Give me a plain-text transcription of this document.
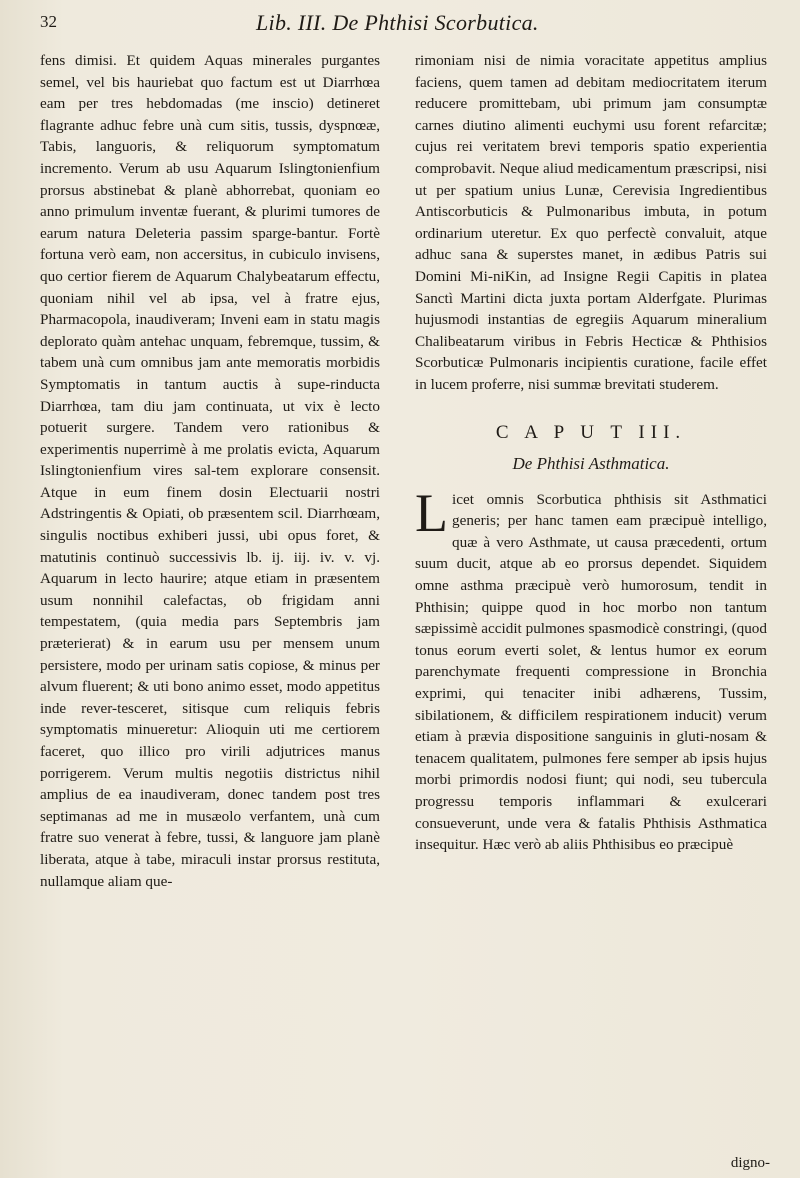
32	Lib. III. De Phthisi Scorbutica.

fens dimisi. Et quidem Aquas minerales purgantes semel, vel bis hauriebat quo factum est ut Diarrhœa eam per tres hebdomadas (me inscio) detineret flagrante adhuc febre unà cum sitis, tussis, dyspnœæ, Tabis, languoris, & reliquorum symptomatum incremento. Verum ab usu Aquarum Islingtonienfium prorsus abstinebat & planè abhorrebat, quoniam eo anno primulum inventæ fuerant, & plurimi tumores de earum natura Deleteria passim sparge-bantur. Fortè fortuna verò eam, non accersitus, in cubiculo invisens, quo certior fierem de Aquarum Chalybeatarum effectu, quoniam nihil vel ab ipsa, vel à fratre ejus, Pharmacopola, inaudiveram; Inveni eam in statu magis deplorato quàm antehac unquam, febremque, tussim, & tabem unà cum omnibus jam ante memoratis morbidis Symptomatis in tantum auctis à supe-rinducta Diarrhœa, tam diu jam continuata, ut vix è lecto potuerit surgere. Tandem vero rationibus & experimentis nuperrimè à me prolatis evicta, Aquarum Islingtonienfium vires sal-tem explorare consensit. Atque in eum finem dosin Electuarii nostri Adstringentis & Opiati, ob præsentem scil. Diarrhœam, singulis noctibus exhiberi jussi, ubi opus foret, & matutinis continuò successivis lb. ij. iij. iv. v. vj. Aquarum in lecto haurire; atque etiam in præsentem usum nonnihil calefactas, ob frigidam anni tempestatem, (quia media pars Septembris jam præterierat) & in earum usu per mensem unum persistere, modo per urinam satis copiose, & minus per alvum fluerent; & uti bono animo esset, modo appetitus inde rever-tesceret, sitisque cum reliquis febris symptomatis minueretur: Alioquin uti me certiorem faceret, quo illico pro virili adjutrices manus porrigerem. Verum multis negotiis districtus nihil amplius de ea inaudiveram, donec tandem post tres septimanas ad me in musæolo verfantem, unà cum fratre suo venerat à febre, tussi, & languore jam planè liberata, atque à tabe, miraculi instar prorsus restituta, nullamque aliam que-

rimoniam nisi de nimia voracitate appetitus amplius faciens, quem tamen ad debitam mediocritatem iterum reducere promittebam, ubi primum jam consumptæ carnes diutino alimenti euchymi usu forent refarcitæ; cujus rei veritatem brevi temporis spatio experientia comprobavit. Neque aliud medicamentum præscripsi, nisi ut per spatium unius Lunæ, Cerevisia Ingredientibus Antiscorbuticis & Pulmonaribus imbuta, in potum ordinarium uteretur. Ex quo perfectè convaluit, atque adhuc sana & superstes manet, in ædibus Patris sui Domini Mi-niKin, ad Insigne Regii Capitis in platea Sanctì Martini dicta juxta portam Alderfgate. Plurimas hujusmodi instantias de egregiis Aquarum mineralium Chalibeatarum viribus in Febris Hecticæ & Phthisios Scorbuticæ Pulmonaris incipientis curatione, facile effet in lucem proferre, nisi summæ brevitati studerem.

C A P U T III.
De Phthisi Asthmatica.

Licet omnis Scorbutica phthisis sit Asthmatici generis; per hanc tamen eam præcipuè intelligo, quæ à vero Asthmate, ut causa præcedenti, ortum suum ducit, atque ab eo prorsus dependet. Siquidem omne asthma præcipuè verò humorosum, tendit in Phthisin; quippe quod in hoc morbo non tantum sæpissimè accidit pulmones spasmodicè constringi, (quod tonus eorum everti solet, & lentus humor ex eorum parenchymate frequenti compressione in Bronchia exprimi, qui tenaciter inibi adhærens, Tussim, sibilationem, & difficilem respirationem inducit) verum etiam à prævia dispositione sanguinis in gluti-nosam & tenacem qualitatem, pulmones fere semper ab ipsis hujus morbi primordis nodosi fiunt; qui nodi, seu tubercula progressu temporis inflammari & exulcerari consueverunt, unde vera & fatalis Phthisis Asthmatica insequitur. Hæc verò ab aliis Phthisibus eo præcipuè

digno-
